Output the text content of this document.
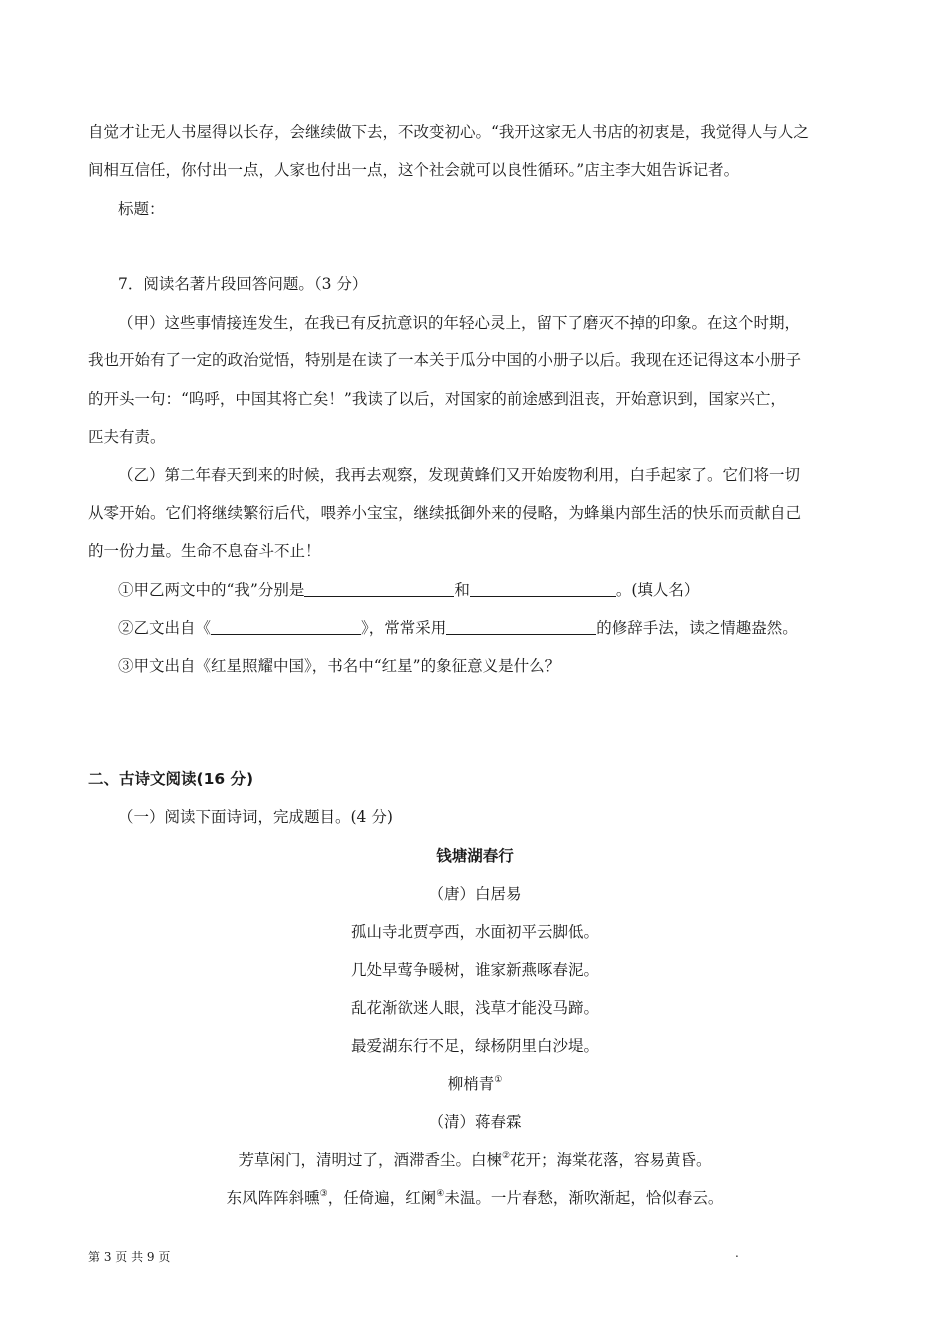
自觉才让无人书屋得以长存，会继续做下去，不改变初心。“我开这家无人书店的初衷是，我觉得人与人之
间相互信任，你付出一点，人家也付出一点，这个社会就可以良性循环。”店主李大姐告诉记者。
标题：
7．阅读名著片段回答问题。（3 分）
（甲）这些事情接连发生，在我已有反抗意识的年轻心灵上，留下了磨灭不掉的印象。在这个时期，
我也开始有了一定的政治觉悟，特别是在读了一本关于瓜分中国的小册子以后。我现在还记得这本小册子
的开头一句：“呜呼，中国其将亡矣！”我读了以后，对国家的前途感到沮丧，开始意识到，国家兴亡，
匹夫有责。
（乙）第二年春天到来的时候，我再去观察，发现黄蜂们又开始废物利用，白手起家了。它们将一切
从零开始。它们将继续繁衍后代，喂养小宝宝，继续抵御外来的侵略，为蜂巢内部生活的快乐而贡献自己
的一份力量。生命不息奋斗不止！
①甲乙两文中的“我”分别是	和	。(填人名）
②乙文出自《	》，常常采用	的修辞手法，读之情趣盎然。
③甲文出自《红星照耀中国》，书名中“红星”的象征意义是什么？
二、古诗文阅读(16 分)
（一）阅读下面诗词，完成题目。(4 分)
钱塘湖春行
（唐）白居易
孤山寺北贾亭西，水面初平云脚低。
几处早莺争暖树，谁家新燕啄春泥。
乱花渐欲迷人眼，浅草才能没马蹄。
最爱湖东行不足，绿杨阴里白沙堤。
柳梢青①
（清）蒋春霖
芳草闲门，清明过了，酒滞香尘。白楝②花开；海棠花落，容易黄昏。
东风阵阵斜曛③，任倚遍，红阑④未温。一片春愁，渐吹渐起，恰似春云。
第 3 页 共 9 页	.
